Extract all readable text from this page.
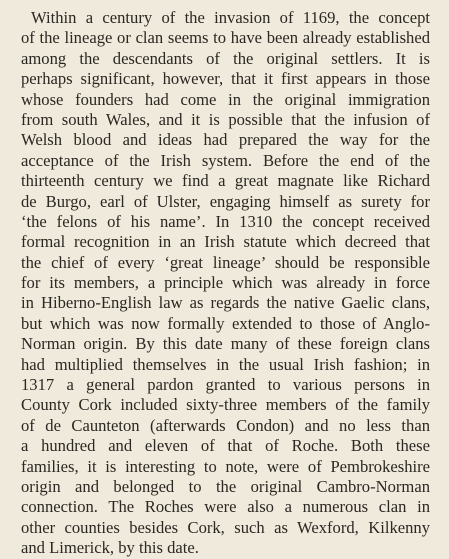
Within a century of the invasion of 1169, the concept
of the lineage or clan seems to have been already established
among the descendants of the original settlers. It is
perhaps significant, however, that it first appears in those
whose founders had come in the original immigration
from south Wales, and it is possible that the infusion of
Welsh blood and ideas had prepared the way for the
acceptance of the Irish system. Before the end of the
thirteenth century we find a great magnate like Richard
de Burgo, earl of Ulster, engaging himself as surety for
‘the felons of his name’. In 1310 the concept received
formal recognition in an Irish statute which decreed that
the chief of every ‘great lineage’ should be responsible
for its members, a principle which was already in force
in Hiberno-English law as regards the native Gaelic clans,
but which was now formally extended to those of Anglo-
Norman origin. By this date many of these foreign clans
had multiplied themselves in the usual Irish fashion; in
1317 a general pardon granted to various persons in
County Cork included sixty-three members of the family
of de Caunteton (afterwards Condon) and no less than
a hundred and eleven of that of Roche. Both these
families, it is interesting to note, were of Pembrokeshire
origin and belonged to the original Cambro-Norman
connection. The Roches were also a numerous clan in
other counties besides Cork, such as Wexford, Kilkenny
and Limerick, by this date.
